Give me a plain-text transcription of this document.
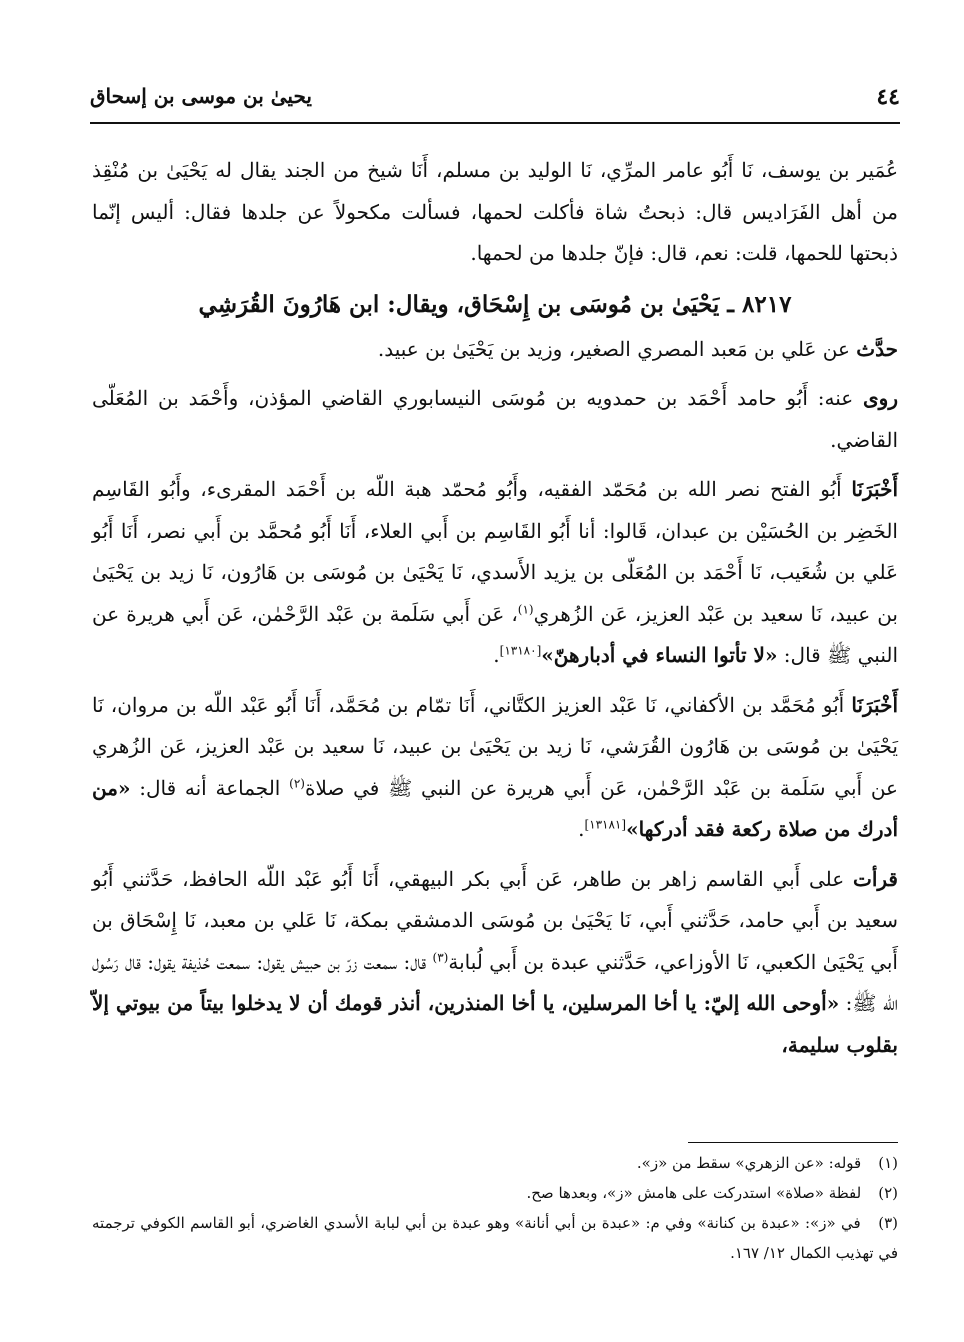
٤٤
يحيىٰ بن موسى بن إسحاق

عُمَير بن يوسف، نَا أَبُو عامر المرِّي، نَا الوليد بن مسلم، أَنَا شيخ من الجند يقال له يَحْيَىٰ بن مُنْقِذ من أهل الفَرَاديس قال: ذبحتُ شاة فأكلت لحمها، فسألت مكحولاً عن جلدها فقال: أليس إنّما ذبحتها للحمها، قلت: نعم، قال: فإنّ جلدها من لحمها.

٨٢١٧ ـ يَحْيَىٰ بن مُوسَى بن إِسْحَاق، ويقال: ابن هَارُونَ القُرَشِي

حدَّث عن عَلي بن مَعبد المصري الصغير، وزيد بن يَحْيَىٰ بن عبيد.

روى عنه: أَبُو حامد أَحْمَد بن حمدويه بن مُوسَى النيسابوري القاضي المؤذن، وأَحْمَد بن المُعَلّى القاضي.

أَخْبَرَنَا أَبُو الفتح نصر الله بن مُحَمّد الفقيه، وأَبُو مُحمّد هبة اللّه بن أَحْمَد المقرىء، وأَبُو القَاسِم الخَضِر بن الحُسَيْن بن عبدان، قَالوا: أنا أَبُو القَاسِم بن أَبي العلاء، أَنَا أَبُو مُحمَّد بن أَبي نصر، أَنَا أَبُو عَلي بن شُعَيب، نَا أَحْمَد بن المُعَلّى بن يزيد الأَسدي، نَا يَحْيَىٰ بن مُوسَى بن هَارُون، نَا زيد بن يَحْيَىٰ بن عبيد، نَا سعيد بن عَبْد العزيز، عَن الزُهري$^{(١)}$، عَن أَبي سَلَمة بن عَبْد الرَّحْمٰن، عَن أَبي هريرة عن النبي ﷺ قال: «لا تأتوا النساء في أدبارهنّ»[١٣١٨٠].

أَخْبَرَنَا أَبُو مُحَمَّد بن الأكفاني، نَا عَبْد العزيز الكتَّاني، أَنَا تمّام بن مُحَمَّد، أَنَا أَبُو عَبْد اللّه بن مروان، نَا يَحْيَىٰ بن مُوسَى بن هَارُون القُرَشي، نَا زيد بن يَحْيَىٰ بن عبيد، نَا سعيد بن عَبْد العزيز، عَن الزُهري عن أَبي سَلَمة بن عَبْد الرَّحْمٰن، عَن أَبي هريرة عن النبي ﷺ في صلاة$^{(٢)}$ الجماعة أنه قال: «من أدرك من صلاة ركعة فقد أدركها»[١٣١٨١].

قرأت على أَبي القاسم زاهر بن طاهر، عَن أَبي بكر البيهقي، أَنَا أَبُو عَبْد اللّه الحافظ، حَدَّثني أَبُو سعيد بن أَبي حامد، حَدَّثني أَبي، نَا يَحْيَىٰ بن مُوسَى الدمشقي بمكة، نَا عَلي بن معبد، نَا إِسْحَاق بن أَبي يَحْيَىٰ الكعبي، نَا الأوزاعي، حَدَّثني عبدة بن أَبي لُبابة$^{(٣)}$ قال: سمعت زرّ بن حبيش يقول: سمعت حُذيفة يقول: قال رَسُول الله ﷺ: «أوحى الله إليّ: يا أخا المرسلين، يا أخا المنذرين، أنذر قومك أن لا يدخلوا بيتاً من بيوتي إلاّ بقلوب سليمة،

(١) قوله: «عن الزهري» سقط من «ز».

(٢) لفظة «صلاة» استدركت على هامش «ز»، وبعدها صح.

(٣) في «ز»: «عبدة بن كنانة» وفي م: «عبدة بن أبي أنانة» وهو عبدة بن أبي لبابة الأسدي الغاضري، أبو القاسم الكوفي ترجمته في تهذيب الكمال ١٢/ ١٦٧.
